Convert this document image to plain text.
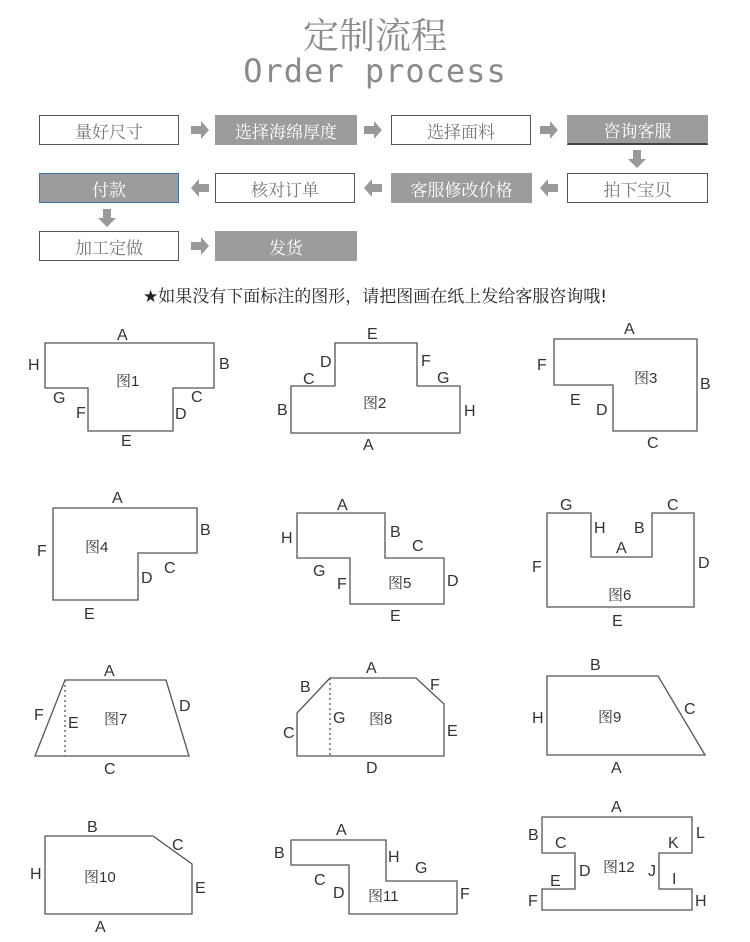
定制流程
Order process
量好尺寸	选择海绵厚度	选择面料	咨询客服
付款	核对订单	客服修改价格	拍下宝贝
加工定做	发货
★如果没有下面标注的图形，请把图画在纸上发给客服咨询哦!
A
B
C
D
E
F
G
H
图1
A
B
C
D
E
F
G
H
图2
A
B
C
D
E
F
图3
A
B
C
D
E
F	图4
A
B
C
D
E
F
G
H
图5
G
H
A
B
C
D
E
F
图6
A
D
C
F E 图7
A
B
C
D
E
F
G 图8
B
C
A
H	图9
B
C
E
A
H	图10
A
B
C
D
H
G
F
图11
A
B C
D
E
F	H
I
J
K
L
图12
